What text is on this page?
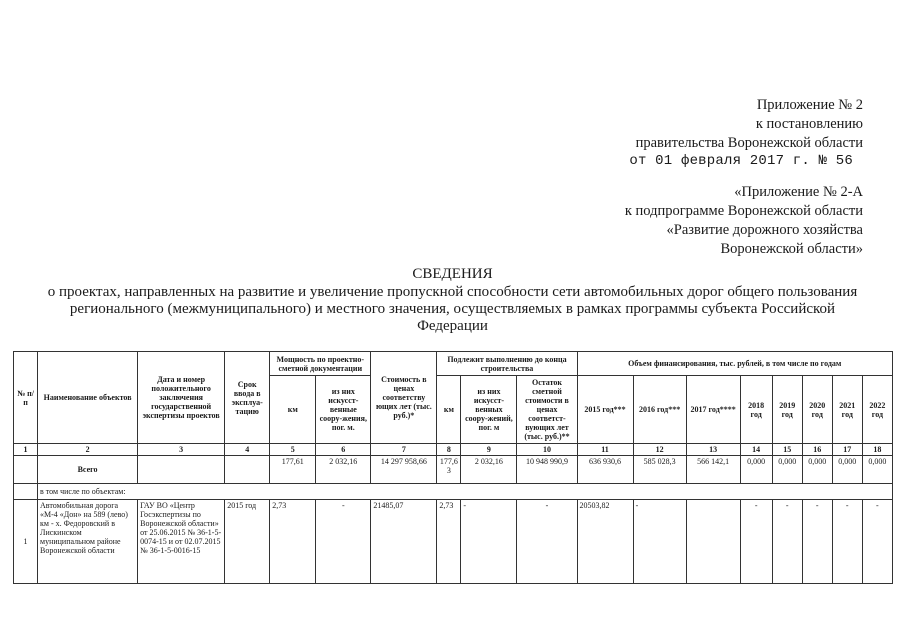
Приложение № 2
к постановлению
правительства Воронежской области
от 01 февраля 2017 г. № 56
«Приложение № 2-А
к подпрограмме Воронежской области
«Развитие дорожного хозяйства
Воронежской области»
СВЕДЕНИЯ
о проектах, направленных на развитие и увеличение пропускной способности сети автомобильных дорог общего пользования регионального (межмуниципального) и местного значения, осуществляемых в рамках программы субъекта Российской Федерации
№ п/п	Наименование объектов	Дата и номер положительного заключения государственной экспертизы проектов	Срок ввода в эксплуа-тацию	Мощность по проектно-сметной документации		Стоимость в ценах соответству ющих лет (тыс. руб.)*	Подлежит выполнению до конца строительства			Объем финансирования, тыс. рублей, в том числе по годам							
				км	из них искусст-венные соору-жения, пог. м.		км	из них искусст-венных соору-жений, пог. м	Остаток сметной стоимости в ценах соответст-вующих лет (тыс. руб.)**	2015 год***	2016 год***	2017 год****	2018 год	2019 год	2020 год	2021 год	2022 год
1	2	3	4	5	6	7	8	9	10	11	12	13	14	15	16	17	18
	Всего			177,61	2 032,16	14 297 958,66	177,6 3	2 032,16	10 948 990,9	636 930,6	585 028,3	566 142,1	0,000	0,000	0,000	0,000	0,000
	в том числе по объектам:																
1	Автомобильная дорога «М-4 «Дон» на 589 (лево) км - х. Федоровский в Лискинском муниципальном районе Воронежской области	ГАУ ВО «Центр Госэкспертизы по Воронежской области» от 25.06.2015 № 36-1-5-0074-15 и от 02.07.2015 № 36-1-5-0016-15	2015 год	2,73	-	21485,07	2,73	-	-	20503,82	-		-	-	-	-	-
